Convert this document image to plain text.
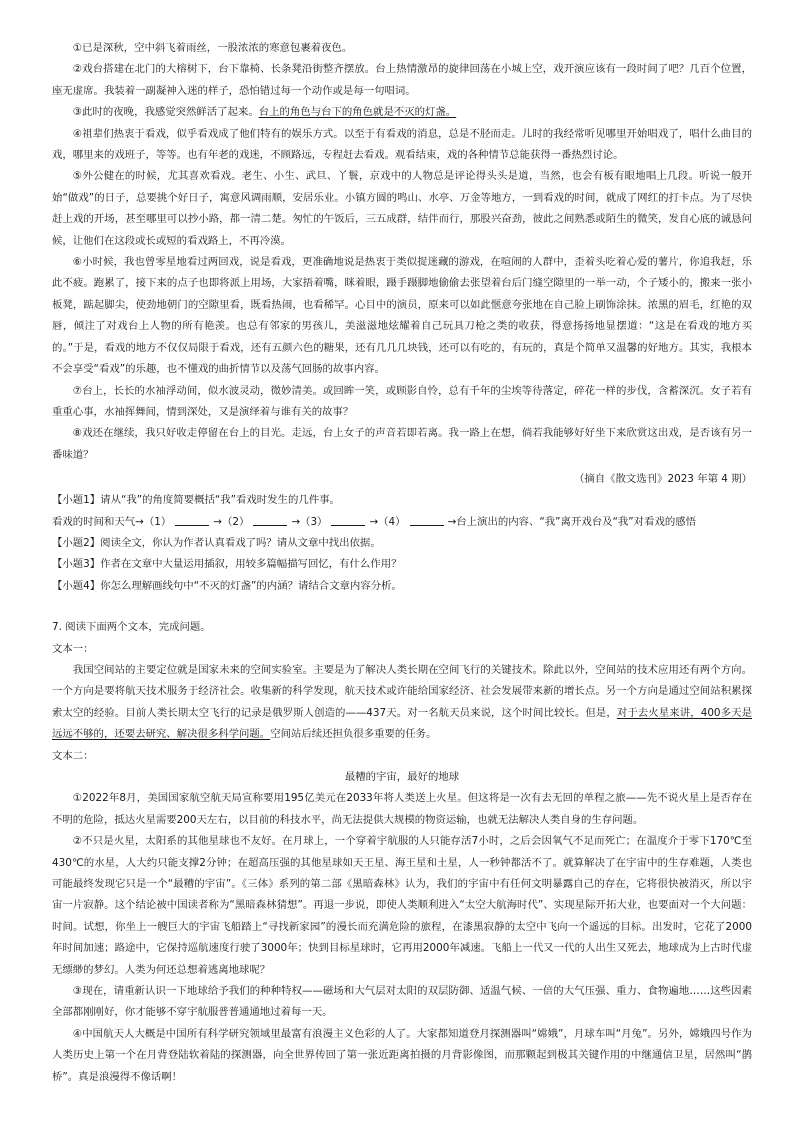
①已是深秋，空中斜飞着雨丝，一股浓浓的寒意包裹着夜色。

②戏台搭建在北门的大榕树下，台下靠椅、长条凳沿街整齐摆放。台上热情激昂的旋律回荡在小城上空，戏开演应该有一段时间了吧？几百个位置，座无虚席。我装着一副凝神入迷的样子，恐怕错过每一个动作或是每一句唱词。

③此时的夜晚，我感觉突然鲜活了起来。台上的角色与台下的角色就是不灭的灯盏。

④祖辈们热衷于看戏，似乎看戏成了他们特有的娱乐方式。以至于有看戏的消息，总是不胫而走。儿时的我经常听见哪里开始唱戏了，唱什么曲目的戏，哪里来的戏班子，等等。也有年老的戏迷，不顾路远，专程赶去看戏。观看结束，戏的各种情节总能获得一番热烈讨论。

⑤外公健在的时候，尤其喜欢看戏。老生、小生、武旦、丫鬟，京戏中的人物总是评论得头头是道，当然，也会有板有眼地唱上几段。听说一般开始“做戏”的日子，总要挑个好日子，寓意风调雨顺，安居乐业。小镇方圆的鸣山、水亭、万金等地方，一到看戏的时间，就成了网红的打卡点。为了尽快赶上戏的开场，甚至哪里可以抄小路，都一清二楚。匆忙的午饭后，三五成群，结伴而行，那股兴奋劲，彼此之间熟悉或陌生的微笑，发自心底的诚恳问候，让他们在这段或长或短的看戏路上，不再冷漠。

⑥小时候，我也曾零星地看过两回戏，说是看戏，更准确地说是热衷于类似捉迷藏的游戏，在喧闹的人群中，歪着头吃着心爱的薯片，你追我赶，乐此不疲。跑累了，接下来的点子也即将派上用场，大家捂着嘴，眯着眼，蹑手蹑脚地偷偷去张望着台后门缝空隙里的一举一动，个子矮小的，搬来一张小板凳，踮起脚尖，使劲地朝门的空隙里看，既看热闹，也看稀罕。心目中的演员，原来可以如此惬意夸张地在自己脸上刷饰涂抹。浓黑的眉毛，红艳的双唇，倾注了对戏台上人物的所有艳羡。也总有邻家的男孩儿，美滋滋地炫耀着自己玩具刀枪之类的收获，得意扬扬地显摆道：“这是在看戏的地方买的。”于是，看戏的地方不仅仅局限于看戏，还有五颜六色的糖果，还有几几几块钱，还可以有吃的，有玩的，真是个简单又温馨的好地方。其实，我根本不会享受“看戏”的乐趣，也不懂戏的曲折情节以及荡气回肠的故事内容。

⑦台上，长长的水袖浮动间，似水波灵动，微妙清美。或回眸一笑，或顾影自怜，总有千年的尘埃等待落定，碎花一样的步伐，含蓄深沉。女子若有重重心事，水袖挥舞间，情到深处，又是演绎着与谁有关的故事？

⑧戏还在继续，我只好收走停留在台上的目光。走远，台上女子的声音若即若离。我一路上在想，倘若我能够好好坐下来欣赏这出戏，是否该有另一番味道？

（摘自《散文选刊》2023 年第 4 期）

【小题1】请从“我”的角度简要概括“我”看戏时发生的几件事。

看戏的时间和天气→（1）	→（2）	→（3）	→（4）	→台上演出的内容、“我”离开戏台及“我”对看戏的感悟

【小题2】阅读全文，你认为作者认真看戏了吗？请从文章中找出依据。

【小题3】作者在文章中大量运用插叙，用较多篇幅描写回忆，有什么作用？

【小题4】你怎么理解画线句中“不灭的灯盏”的内涵？请结合文章内容分析。

7. 阅读下面两个文本，完成问题。

文本一：

我国空间站的主要定位就是国家未来的空间实验室。主要是为了解决人类长期在空间飞行的关键技术。除此以外，空间站的技术应用还有两个方向。一个方向是要将航天技术服务于经济社会。收集新的科学发现，航天技术或许能给国家经济、社会发展带来新的增长点。另一个方向是通过空间站积累探索太空的经验。目前人类长期太空飞行的记录是俄罗斯人创造的——437天。对一名航天员来说，这个时间比较长。但是，对于去火星来讲，400多天是远远不够的，还要去研究、解决很多科学问题。空间站后续还担负很多重要的任务。

文本二：

最糟的宇宙，最好的地球

①2022年8月，美国国家航空航天局宣称要用195亿美元在2033年将人类送上火星。但这将是一次有去无回的单程之旅——先不说火星上是否存在不明的危险，抵达火星需要200天左右，以目前的科技水平，尚无法提供大规模的物资运输，也就无法解决人类自身的生存问题。

②不只是火星，太阳系的其他星球也不友好。在月球上，一个穿着宇航服的人只能存活7小时，之后会因氧气不足而死亡；在温度介于零下170℃至430℃的水星，人大约只能支撑2分钟；在超高压强的其他星球如天王星、海王星和土星，人一秒钟都活不了。就算解决了在宇宙中的生存难题，人类也可能最终发现它只是一个“最糟的宇宙”。《三体》系列的第二部《黑暗森林》认为，我们的宇宙中有任何文明暴露自己的存在，它将很快被消灭，所以宇宙一片寂静。这个结论被中国读者称为“黑暗森林猜想”。再退一步说，即使人类顺利进入“太空大航海时代”、实现星际开拓大业，也要面对一个大问题：时间。试想，你坐上一艘巨大的宇宙飞船踏上“寻找新家园”的漫长而充满危险的旅程，在漆黑寂静的太空中飞向一个遥远的目标。出发时，它花了2000年时间加速；路途中，它保持巡航速度行驶了3000年；快到目标星球时，它再用2000年减速。飞船上一代又一代的人出生又死去，地球成为上古时代虚无缥缈的梦幻。人类为何还总想着逃离地球呢？

③现在，请重新认识一下地球给予我们的种种特权——磁场和大气层对太阳的双层防御、适温气候、一倍的大气压强、重力、食物遍地……这些因素全部都刚刚好，你才能够不穿宇航服普普通通地过着每一天。

④中国航天人大概是中国所有科学研究领域里最富有浪漫主义色彩的人了。大家都知道登月探测器叫“嫦娥”，月球车叫“月兔”。另外，嫦娥四号作为人类历史上第一个在月背登陆软着陆的探测器，向全世界传回了第一张近距离拍摄的月背影像图，而那颗起到极其关键作用的中继通信卫星，居然叫“鹊桥”。真是浪漫得不像话啊！
